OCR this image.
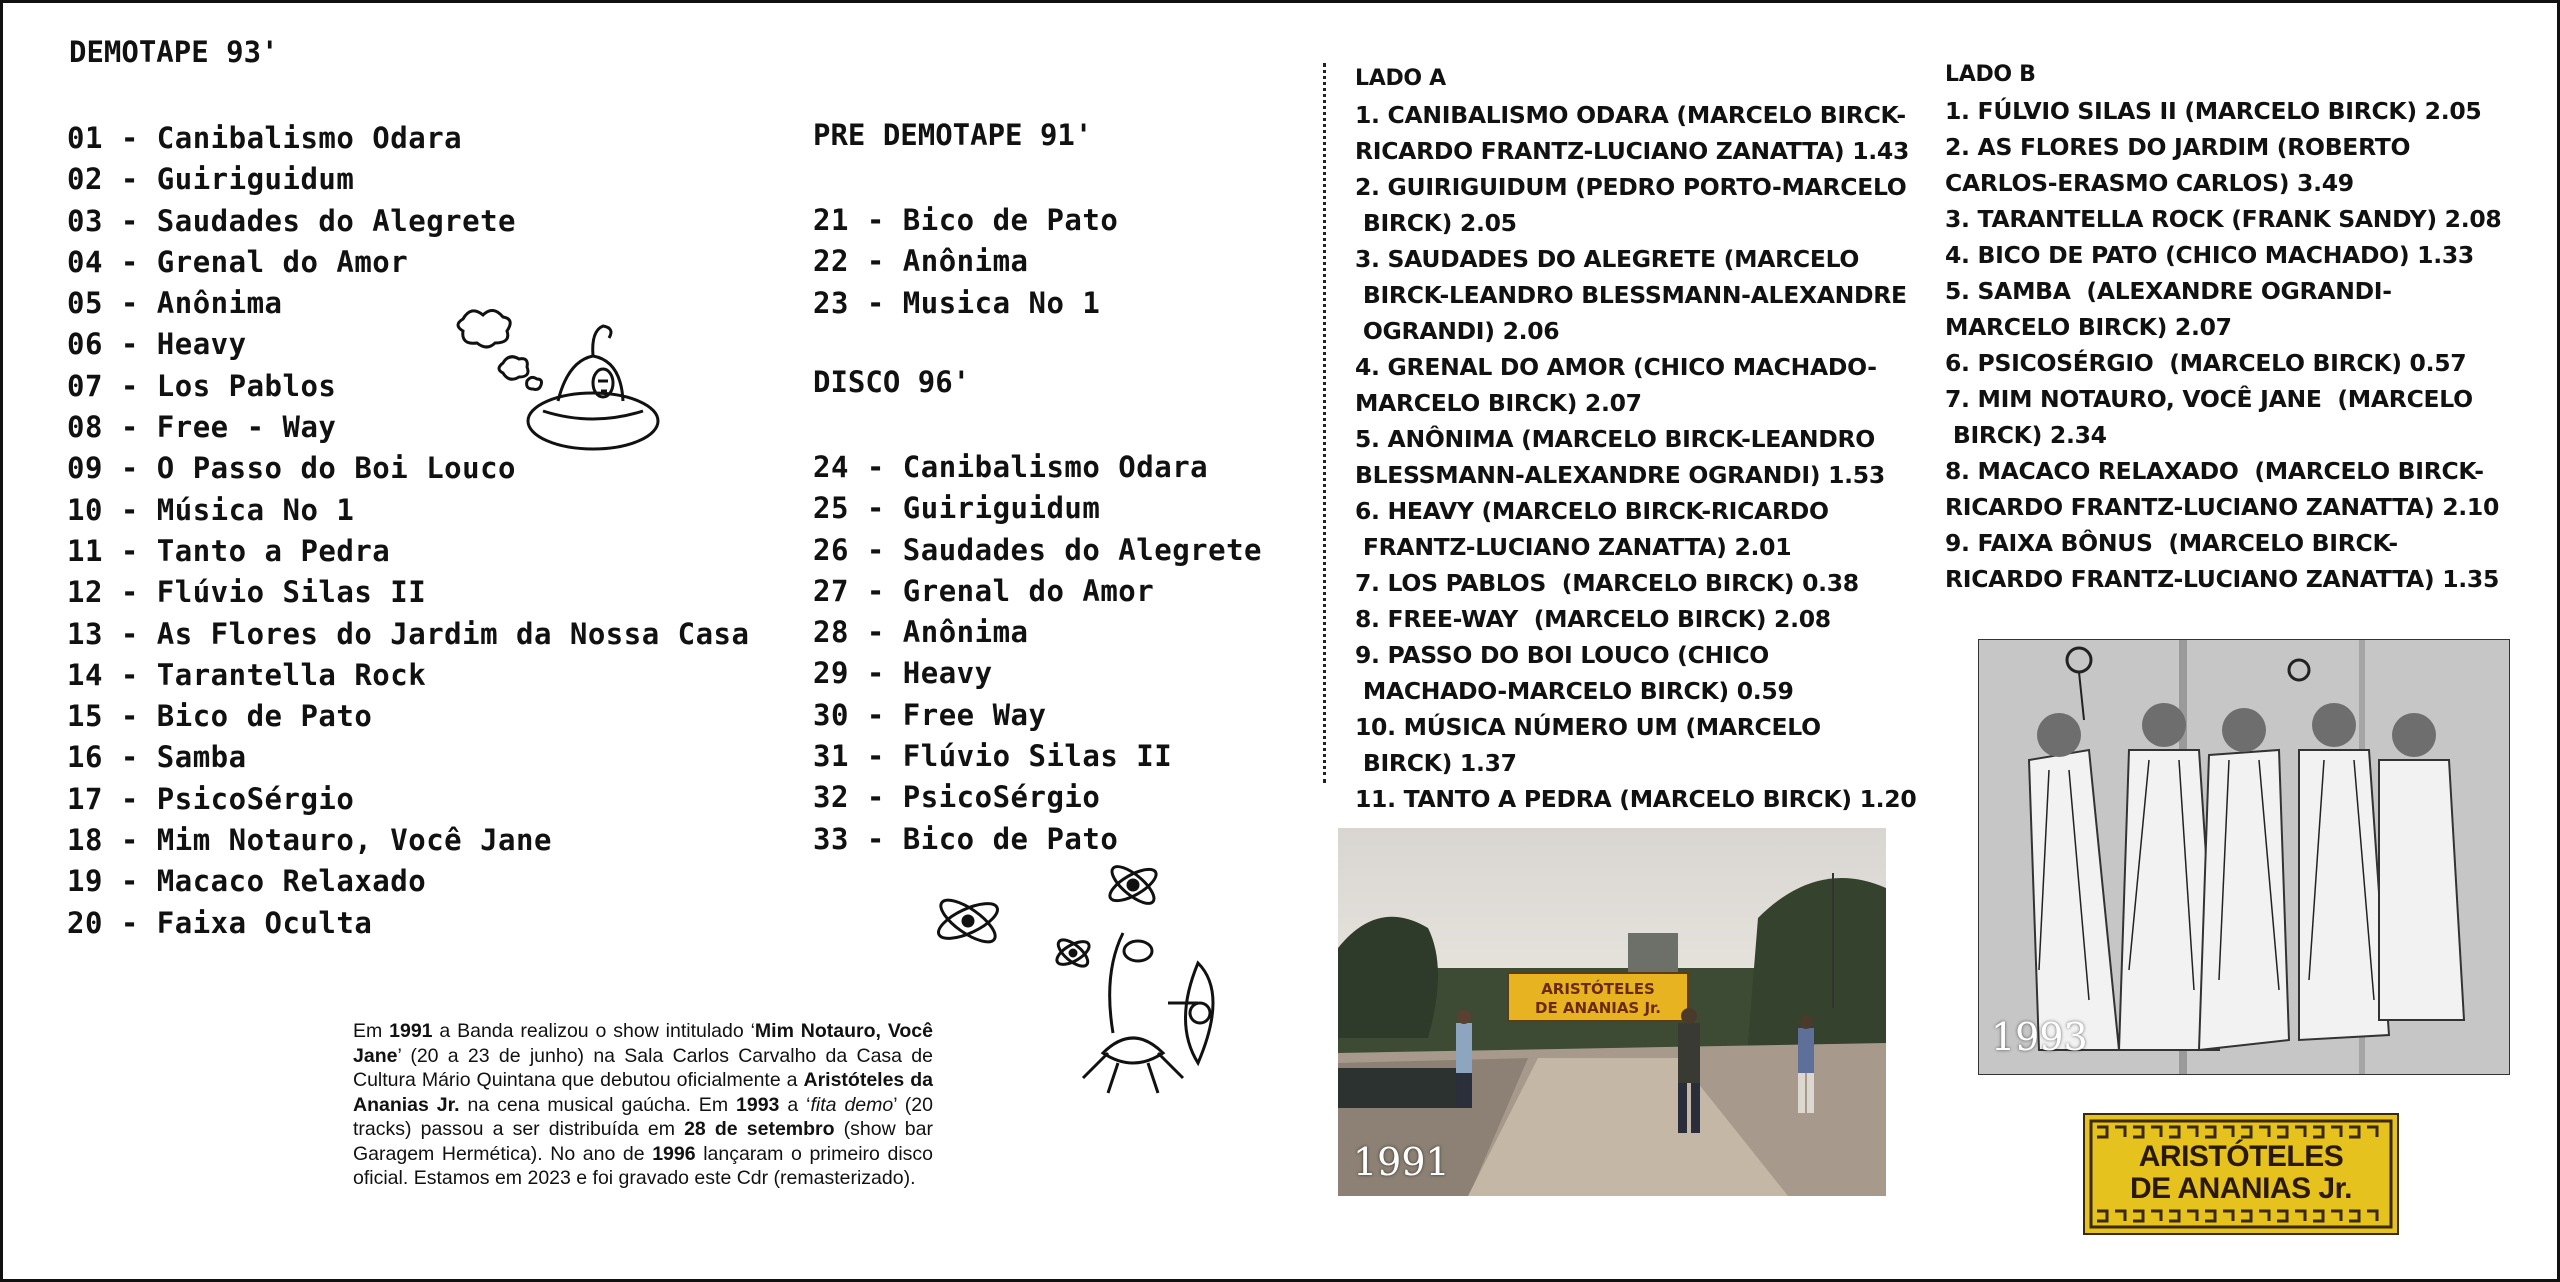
DEMOTAPE 93'
01 - Canibalismo Odara
02 - Guiriguidum
03 - Saudades do Alegrete
04 - Grenal do Amor
05 - Anônima
06 - Heavy
07 - Los Pablos
08 - Free - Way
09 - O Passo do Boi Louco
10 - Música No 1
11 - Tanto a Pedra
12 - Flúvio Silas II
13 - As Flores do Jardim da Nossa Casa
14 - Tarantella Rock
15 - Bico de Pato
16 - Samba
17 - PsicoSérgio
18 - Mim Notauro, Você Jane
19 - Macaco Relaxado
20 - Faixa Oculta
PRE DEMOTAPE 91'
21 - Bico de Pato
22 - Anônima
23 - Musica No 1
DISCO 96'
24 - Canibalismo Odara
25 - Guiriguidum
26 - Saudades do Alegrete
27 - Grenal do Amor
28 - Anônima
29 - Heavy
30 - Free Way
31 - Flúvio Silas II
32 - PsicoSérgio
33 - Bico de Pato
Em 1991 a Banda realizou o show intitulado ‘Mim Notauro, Você Jane’ (20 a 23 de junho) na Sala Carlos Carvalho da Casa de Cultura Mário Quintana que debutou oficialmente a Aristóteles da Ananias Jr. na cena musical gaúcha. Em 1993 a ‘fita demo’ (20 tracks) passou a ser distribuída em 28 de setembro (show bar Garagem Hermética). No ano de 1996 lançaram o primeiro disco oficial. Estamos em 2023 e foi gravado este Cdr (remasterizado).
LADO A
1. CANIBALISMO ODARA (MARCELO BIRCK-
RICARDO FRANTZ-LUCIANO ZANATTA) 1.43
2. GUIRIGUIDUM (PEDRO PORTO-MARCELO
BIRCK) 2.05
3. SAUDADES DO ALEGRETE (MARCELO
BIRCK-LEANDRO BLESSMANN-ALEXANDRE
OGRANDI) 2.06
4. GRENAL DO AMOR (CHICO MACHADO-
MARCELO BIRCK) 2.07
5. ANÔNIMA (MARCELO BIRCK-LEANDRO
BLESSMANN-ALEXANDRE OGRANDI) 1.53
6. HEAVY (MARCELO BIRCK-RICARDO
FRANTZ-LUCIANO ZANATTA) 2.01
7. LOS PABLOS  (MARCELO BIRCK) 0.38
8. FREE-WAY  (MARCELO BIRCK) 2.08
9. PASSO DO BOI LOUCO (CHICO
MACHADO-MARCELO BIRCK) 0.59
10. MÚSICA NÚMERO UM (MARCELO
BIRCK) 1.37
11. TANTO A PEDRA (MARCELO BIRCK) 1.20
LADO B
1. FÚLVIO SILAS II (MARCELO BIRCK) 2.05
2. AS FLORES DO JARDIM (ROBERTO
CARLOS-ERASMO CARLOS) 3.49
3. TARANTELLA ROCK (FRANK SANDY) 2.08
4. BICO DE PATO (CHICO MACHADO) 1.33
5. SAMBA  (ALEXANDRE OGRANDI-
MARCELO BIRCK) 2.07
6. PSICOSÉRGIO  (MARCELO BIRCK) 0.57
7. MIM NOTAURO, VOCÊ JANE  (MARCELO
BIRCK) 2.34
8. MACACO RELAXADO  (MARCELO BIRCK-
RICARDO FRANTZ-LUCIANO ZANATTA) 2.10
9. FAIXA BÔNUS  (MARCELO BIRCK-
RICARDO FRANTZ-LUCIANO ZANATTA) 1.35
ARISTÓTELES
DE ANANIAS Jr.
1991
1993
ARISTÓTELES
DE ANANIAS Jr.
